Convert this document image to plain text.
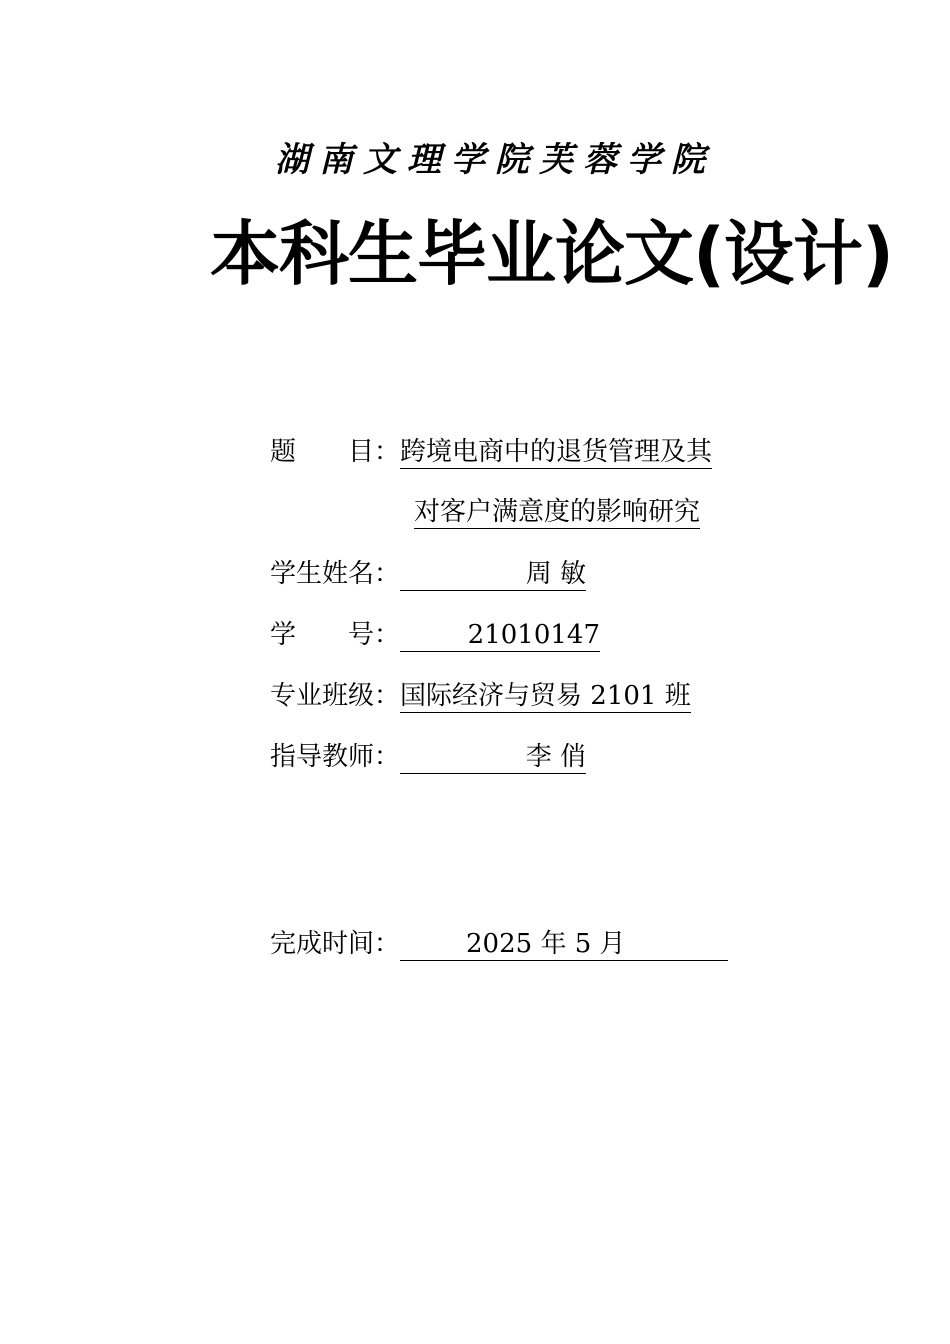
湖南文理学院芙蓉学院
本科生毕业论文(设计)
题　　目：跨境电商中的退货管理及其
对客户满意度的影响研究
学生姓名：	周 敏
学　　号：	21010147
专业班级：国际经济与贸易 2101 班
指导教师：	李 俏
完成时间：	2025 年 5 月
